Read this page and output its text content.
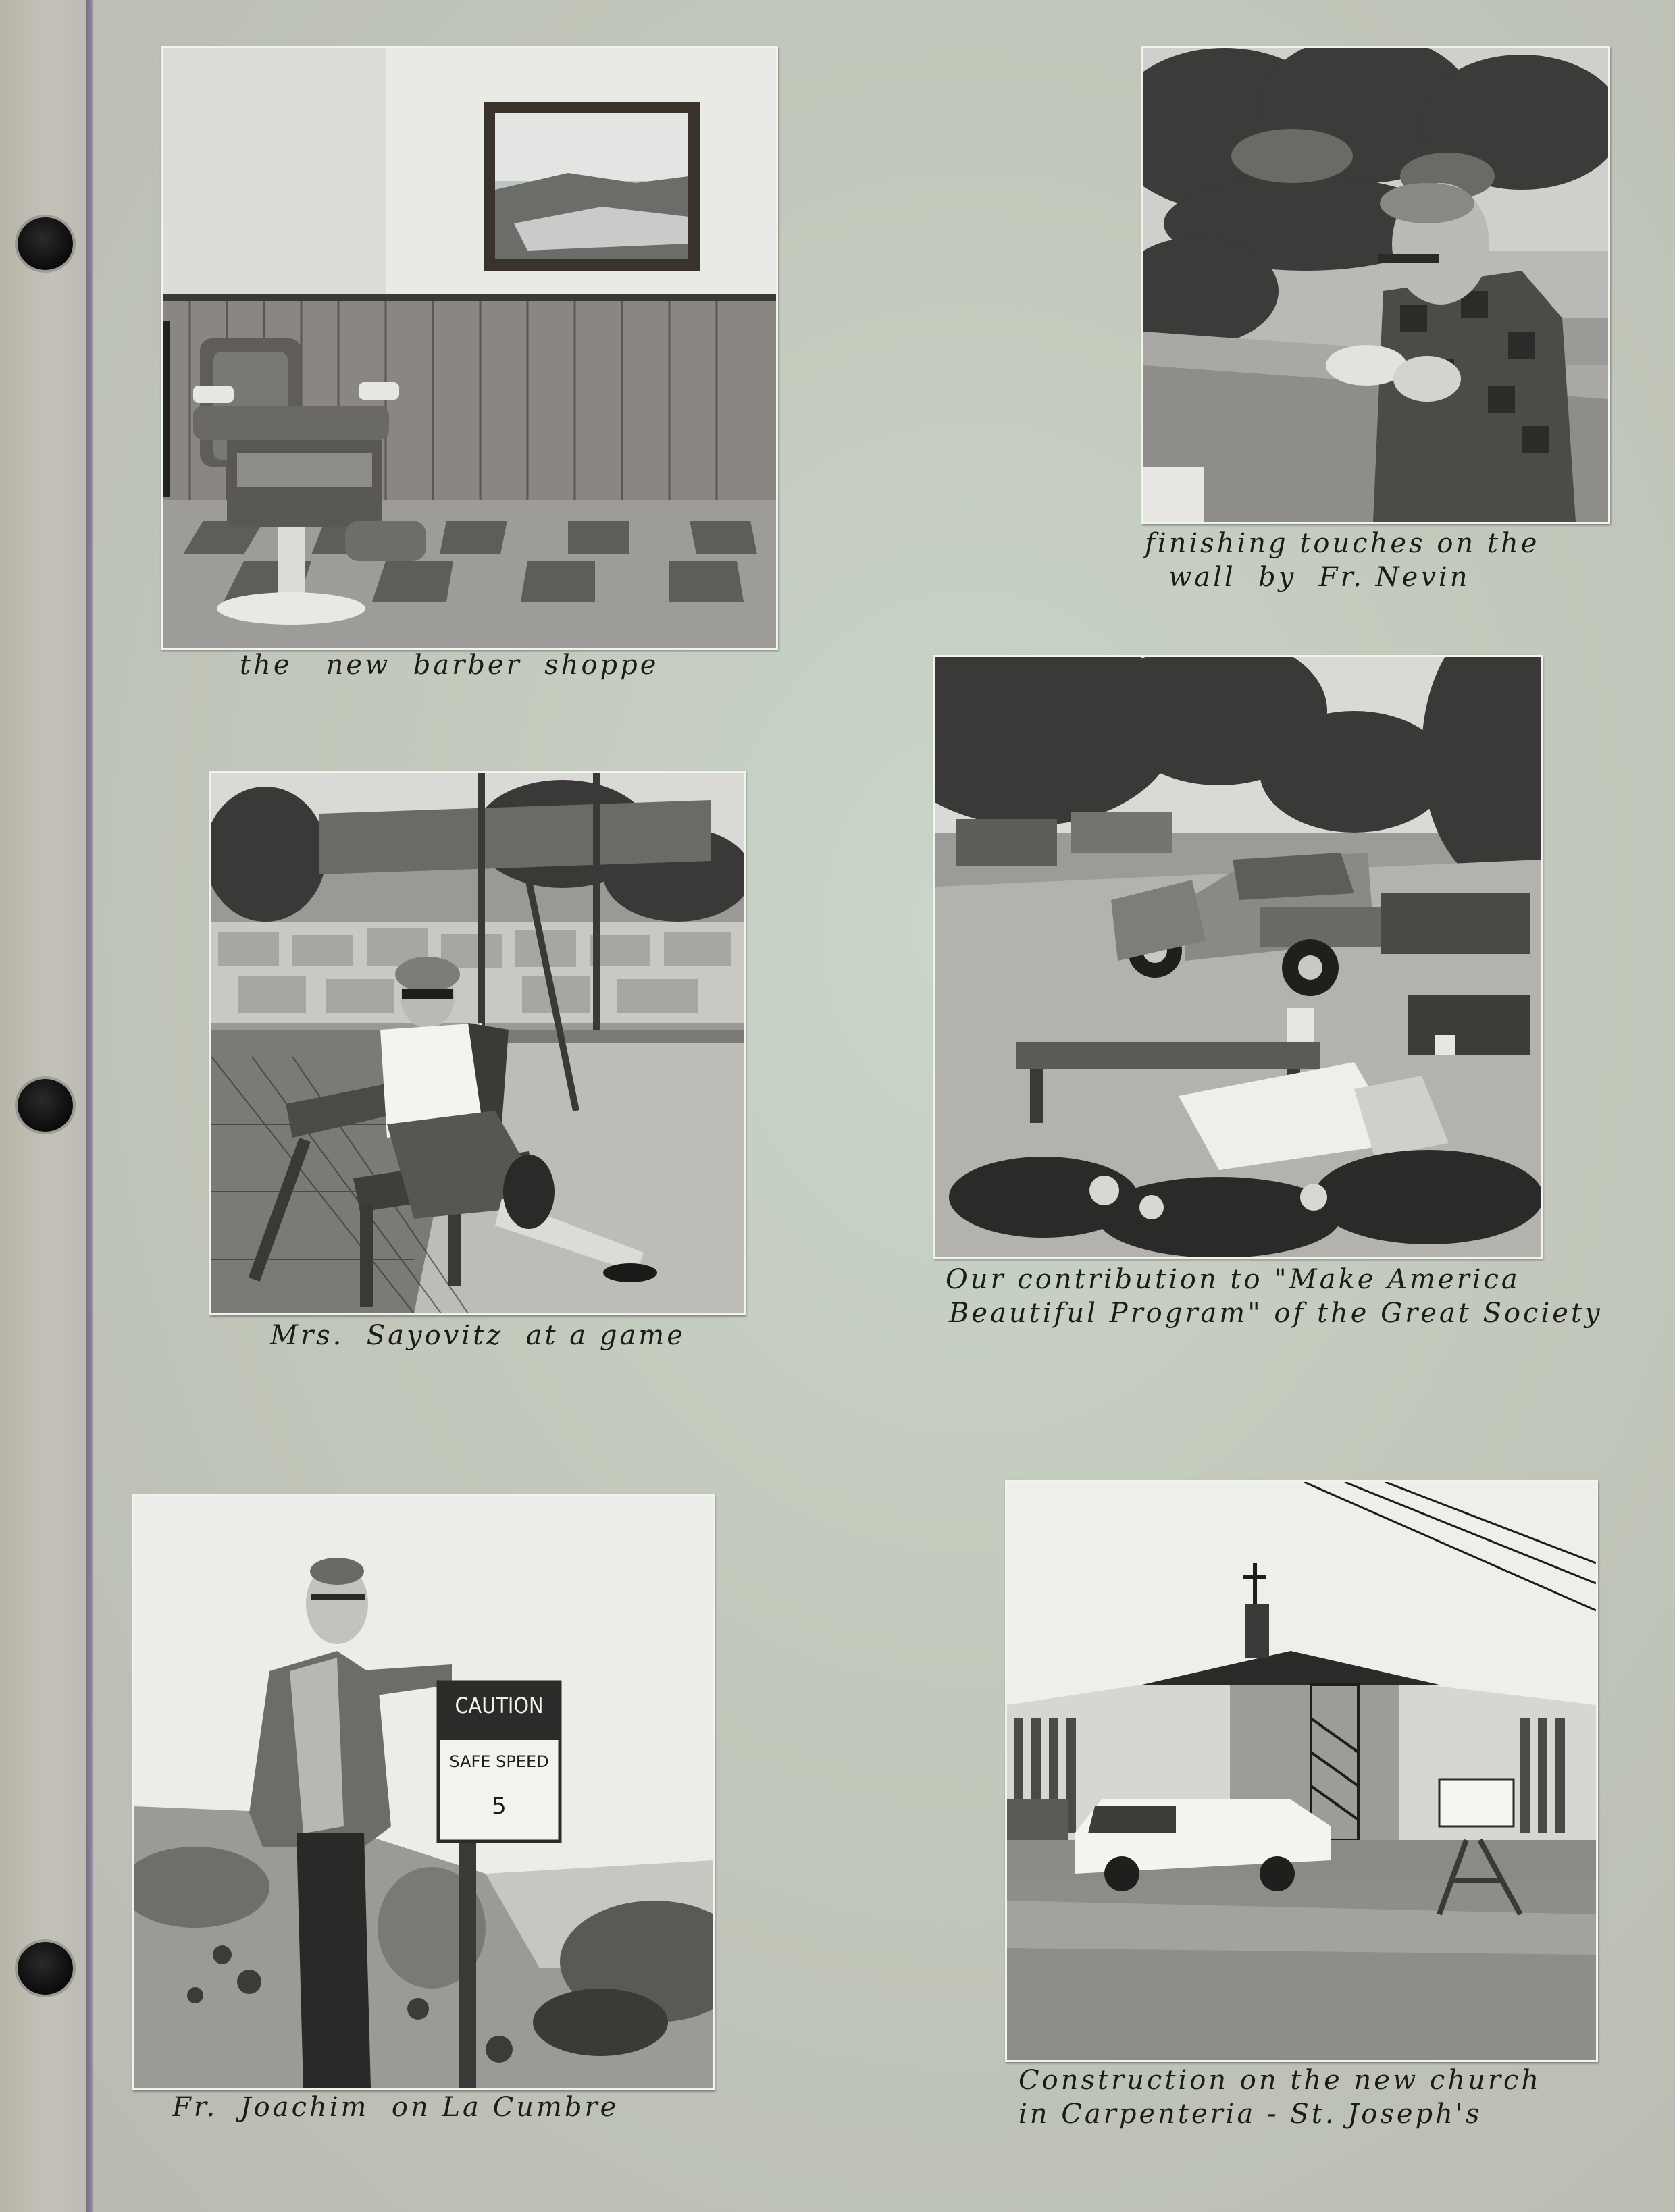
the   new  barber  shoppe
finishing touches on the
wall  by  Fr. Nevin
Mrs.  Sayovitz  at a game
Our contribution to "Make America
Beautiful Program" of the Great Society
CAUTION
SAFE SPEED
5
Fr.  Joachim  on La Cumbre
Construction on the new church
in Carpenteria - St. Joseph's
